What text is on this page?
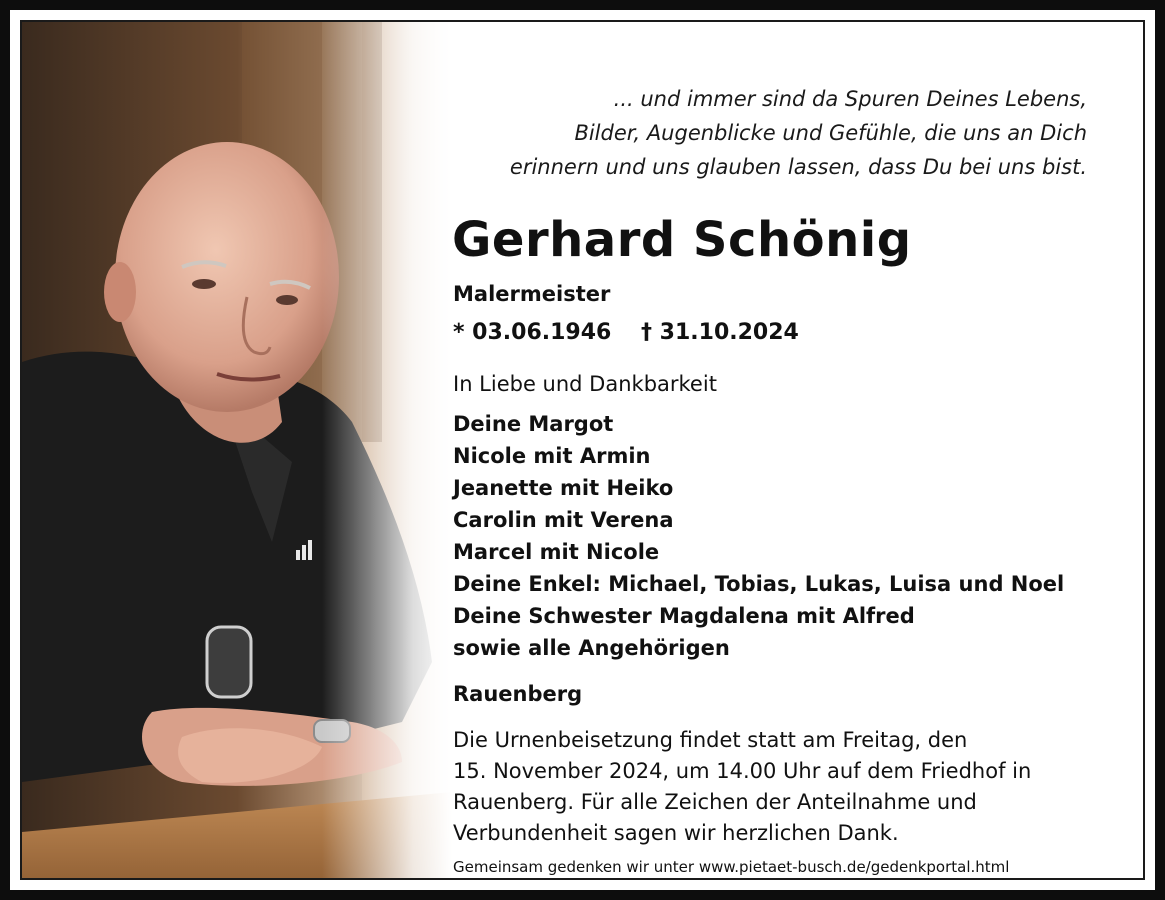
... und immer sind da Spuren Deines Lebens,
Bilder, Augenblicke und Gefühle, die uns an Dich
erinnern und uns glauben lassen, dass Du bei uns bist.
Gerhard Schönig
Malermeister
* 03.06.1946 † 31.10.2024
In Liebe und Dankbarkeit
Deine Margot
Nicole mit Armin
Jeanette mit Heiko
Carolin mit Verena
Marcel mit Nicole
Deine Enkel: Michael, Tobias, Lukas, Luisa und Noel
Deine Schwester Magdalena mit Alfred
sowie alle Angehörigen
Rauenberg
Die Urnenbeisetzung findet statt am Freitag, den
15. November 2024, um 14.00 Uhr auf dem Friedhof in
Rauenberg. Für alle Zeichen der Anteilnahme und
Verbundenheit sagen wir herzlichen Dank.
Gemeinsam gedenken wir unter www.pietaet-busch.de/gedenkportal.html
